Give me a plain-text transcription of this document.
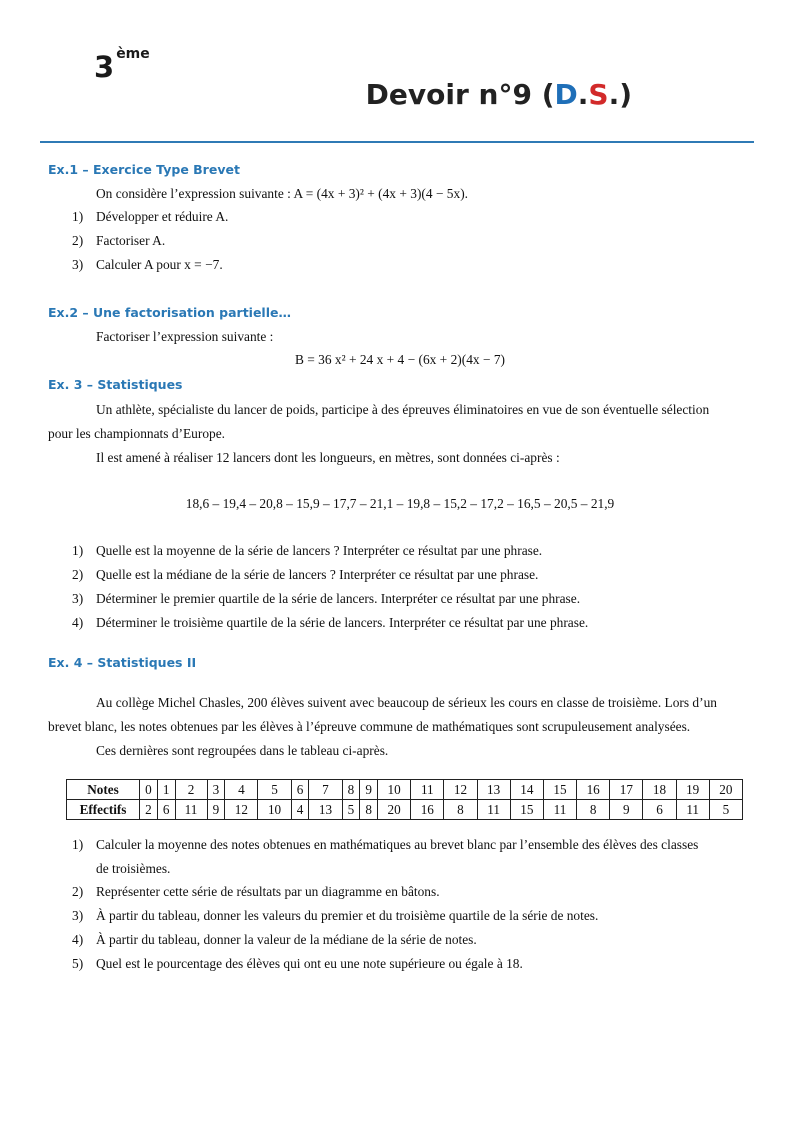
3 $^{ème}$
Devoir n°9 (D.S.)
Ex.1 – Exercice Type Brevet
On considère l’expression suivante : A = (4x + 3)² + (4x + 3)(4 − 5x).
1) Développer et réduire A.
2) Factoriser A.
3) Calculer A pour x = −7.
Ex.2 – Une factorisation partielle…
Factoriser l’expression suivante :
B = 36 x² + 24 x + 4 − (6x + 2)(4x − 7)
Ex. 3 – Statistiques
Un athlète, spécialiste du lancer de poids, participe à des épreuves éliminatoires en vue de son éventuelle sélection
pour les championnats d’Europe.
Il est amené à réaliser 12 lancers dont les longueurs, en mètres, sont données ci-après :
18,6 – 19,4 – 20,8 – 15,9 – 17,7 – 21,1 – 19,8 – 15,2 – 17,2 – 16,5 – 20,5 – 21,9
1) Quelle est la moyenne de la série de lancers ? Interpréter ce résultat par une phrase.
2) Quelle est la médiane de la série de lancers ? Interpréter ce résultat par une phrase.
3) Déterminer le premier quartile de la série de lancers. Interpréter ce résultat par une phrase.
4) Déterminer le troisième quartile de la série de lancers. Interpréter ce résultat par une phrase.
Ex. 4 – Statistiques II
Au collège Michel Chasles, 200 élèves suivent avec beaucoup de sérieux les cours en classe de troisième. Lors d’un
brevet blanc, les notes obtenues par les élèves à l’épreuve commune de mathématiques sont scrupuleusement analysées.
Ces dernières sont regroupées dans le tableau ci-après.
Notes	0	1	2	3	4	5	6	7	8	9	10	11	12	13	14	15	16	17	18	19	20
Effectifs	2	6	11	9	12	10	4	13	5	8	20	16	8	11	15	11	8	9	6	11	5
1) Calculer la moyenne des notes obtenues en mathématiques au brevet blanc par l’ensemble des élèves des classes
de troisièmes.
2) Représenter cette série de résultats par un diagramme en bâtons.
3) À partir du tableau, donner les valeurs du premier et du troisième quartile de la série de notes.
4) À partir du tableau, donner la valeur de la médiane de la série de notes.
5) Quel est le pourcentage des élèves qui ont eu une note supérieure ou égale à 18.
